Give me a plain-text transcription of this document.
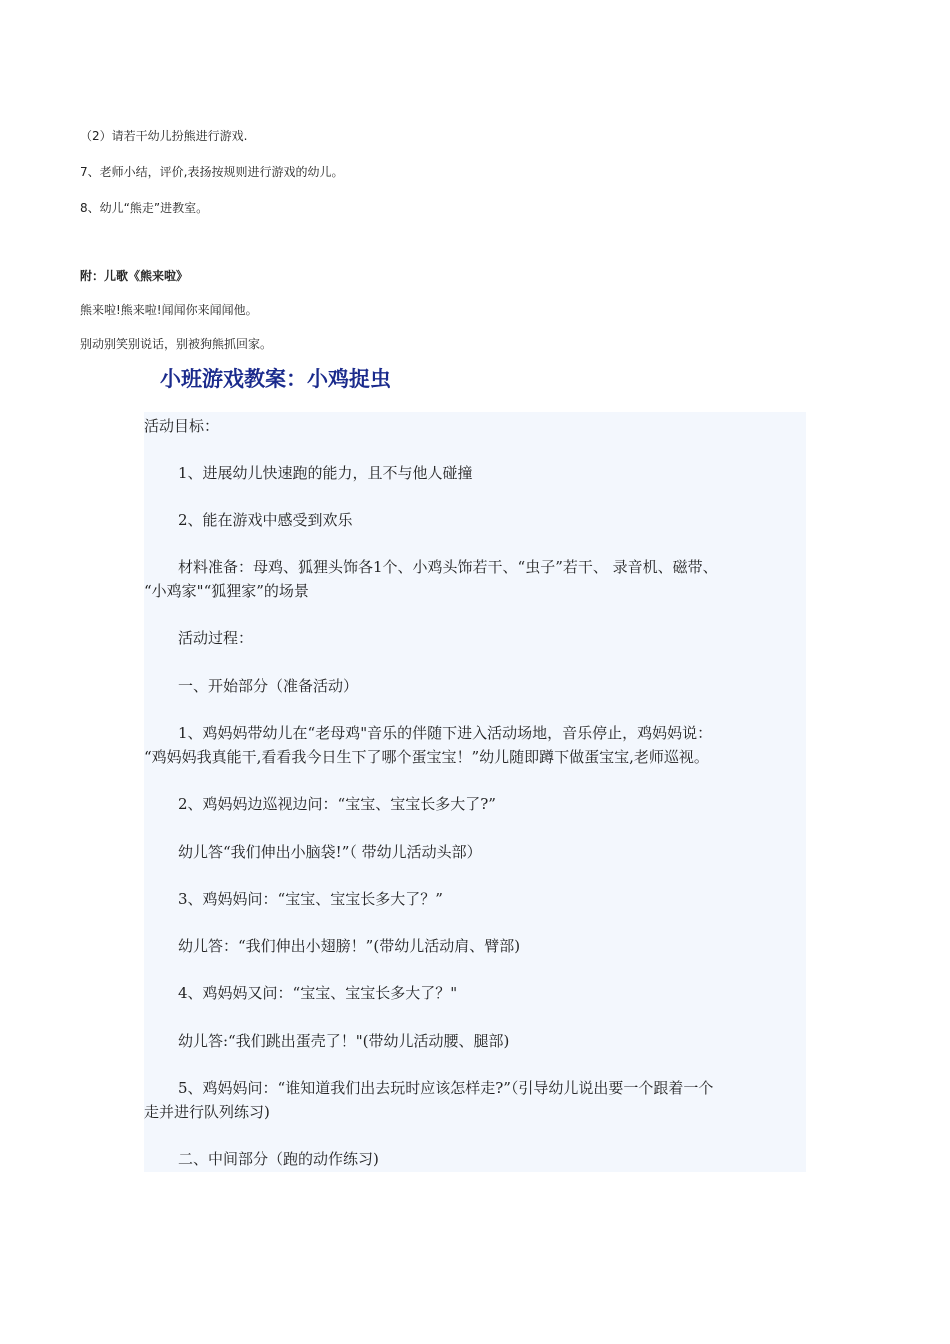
（2）请若干幼儿扮熊进行游戏.
7、老师小结，评价,表扬按规则进行游戏的幼儿。
8、幼儿“熊走”进教室。
附：儿歌《熊来啦》
熊来啦!熊来啦!闻闻你来闻闻他。
别动别笑别说话，别被狗熊抓回家。
小班游戏教案：小鸡捉虫
活动目标：
1、进展幼儿快速跑的能力，且不与他人碰撞
2、能在游戏中感受到欢乐
材料准备：母鸡、狐狸头饰各1个、小鸡头饰若干、“虫子”若干、 录音机、磁带、
“小鸡家"“狐狸家”的场景
活动过程：
一、开始部分（准备活动）
1、鸡妈妈带幼儿在“老母鸡"音乐的伴随下进入活动场地，音乐停止，鸡妈妈说：
“鸡妈妈我真能干,看看我今日生下了哪个蛋宝宝！”幼儿随即蹲下做蛋宝宝,老师巡视。
2、鸡妈妈边巡视边问：“宝宝、宝宝长多大了?”
幼儿答“我们伸出小脑袋!”（ 带幼儿活动头部）
3、鸡妈妈问：“宝宝、宝宝长多大了？”
幼儿答：“我们伸出小翅膀！”(带幼儿活动肩、臂部)
4、鸡妈妈又问：“宝宝、宝宝长多大了？"
幼儿答:“我们跳出蛋壳了！"(带幼儿活动腰、腿部)
5、鸡妈妈问：“谁知道我们出去玩时应该怎样走?”（引导幼儿说出要一个跟着一个
走并进行队列练习)
二、中间部分（跑的动作练习)
